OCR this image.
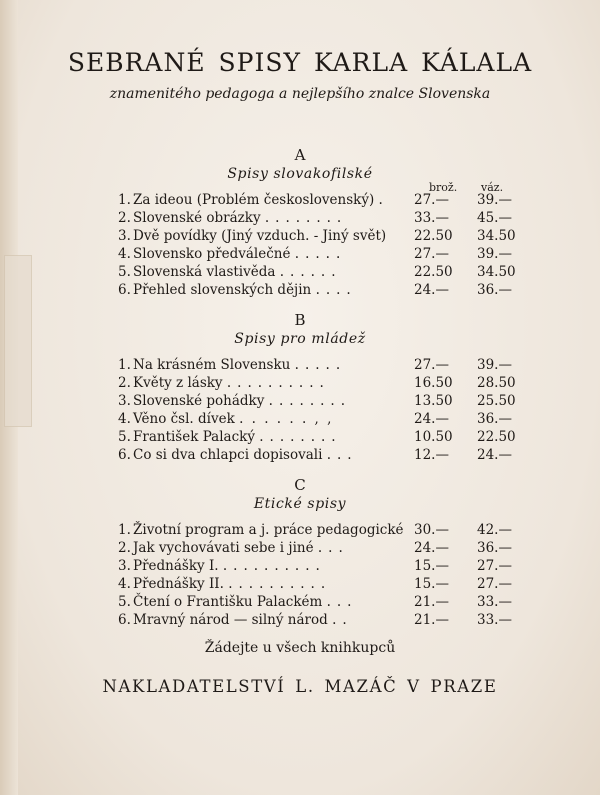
SEBRANÉ SPISY KARLA KÁLALA

znamenitého pedagoga a nejlepšího znalce Slovenska

A
Spisy slovakofilské
brož. váz.
1. Za ideou (Problém československý) . 27.— 39.—
2. Slovenské obrázky ........	33.— 45.—
3. Dvě povídky (Jiný vzduch. - Jiný svět) 22.50 34.50
4. Slovensko předválečné .....	27.— 39.—
5. Slovenská vlastivěda ......	22.50 34.50
6. Přehled slovenských dějin ....	24.— 36.—
B
Spisy pro mládež
1. Na krásném Slovensku .....	27.— 39.—
2. Květy z lásky ..........	16.50 28.50
3. Slovenské pohádky ........	13.50 25.50
4. Věno čsl. dívek . . . . . . , ,	24.— 36.—
5. František Palacký ........	10.50 22.50
6. Co si dva chlapci dopisovali ...	12.— 24.—
C
Etické spisy
1. Životní program a j. práce pedagogické 30.— 42.—
2. Jak vychovávati sebe i jiné ...	24.— 36.—
3. Přednášky I. ..........	15.— 27.—
4. Přednášky II. ..........	15.— 27.—
5. Čtení o Františku Palackém ...	21.— 33.—
6. Mravný národ — silný národ ..	21.— 33.—
Žádejte u všech knihkupců
NAKLADATELSTVÍ L. MAZÁČ V PRAZE
